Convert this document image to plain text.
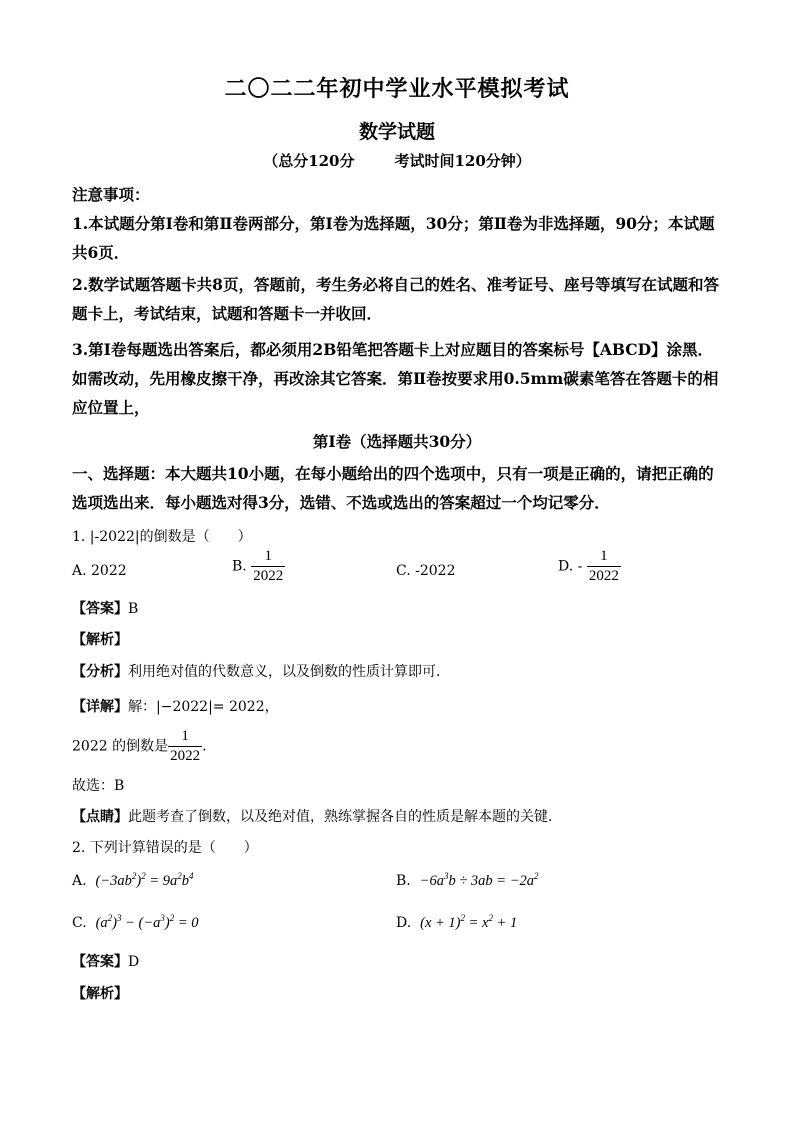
二〇二二年初中学业水平模拟考试
数学试题
（总分120分	考试时间120分钟）
注意事项：
1.本试题分第Ⅰ卷和第Ⅱ卷两部分，第Ⅰ卷为选择题，30分；第Ⅱ卷为非选择题，90分；本试题共6页．
2.数学试题答题卡共8页，答题前，考生务必将自己的姓名、准考证号、座号等填写在试题和答题卡上，考试结束，试题和答题卡一并收回．
3.第Ⅰ卷每题选出答案后，都必须用2B铅笔把答题卡上对应题目的答案标号【ABCD】涂黑．如需改动，先用橡皮擦干净，再改涂其它答案．第Ⅱ卷按要求用0.5mm碳素笔答在答题卡的相应位置上，
第Ⅰ卷（选择题共30分）
一、选择题：本大题共10小题，在每小题给出的四个选项中，只有一项是正确的，请把正确的选项选出来．每小题选对得3分，选错、不选或选出的答案超过一个均记零分．
1. |-2022|的倒数是（　　）
A. 2022	B. $\frac{1}{2022}$	C. -2022	D. - $\frac{1}{2022}$
【答案】B
【解析】
【分析】利用绝对值的代数意义，以及倒数的性质计算即可．
【详解】解：|−2022|= 2022，
2022 的倒数是 $\frac{1}{2022}$ .
故选：B
【点睛】此题考查了倒数，以及绝对值，熟练掌握各自的性质是解本题的关键．
2. 下列计算错误的是（　　）
A. $(-3ab^2)^2 = 9a^2b^4$	B. $-6a^3b \div 3ab = -2a^2$
C. $(a^2)^3 - (-a^3)^2 = 0$	D. $(x + 1)^2 = x^2 + 1$
【答案】D
【解析】
